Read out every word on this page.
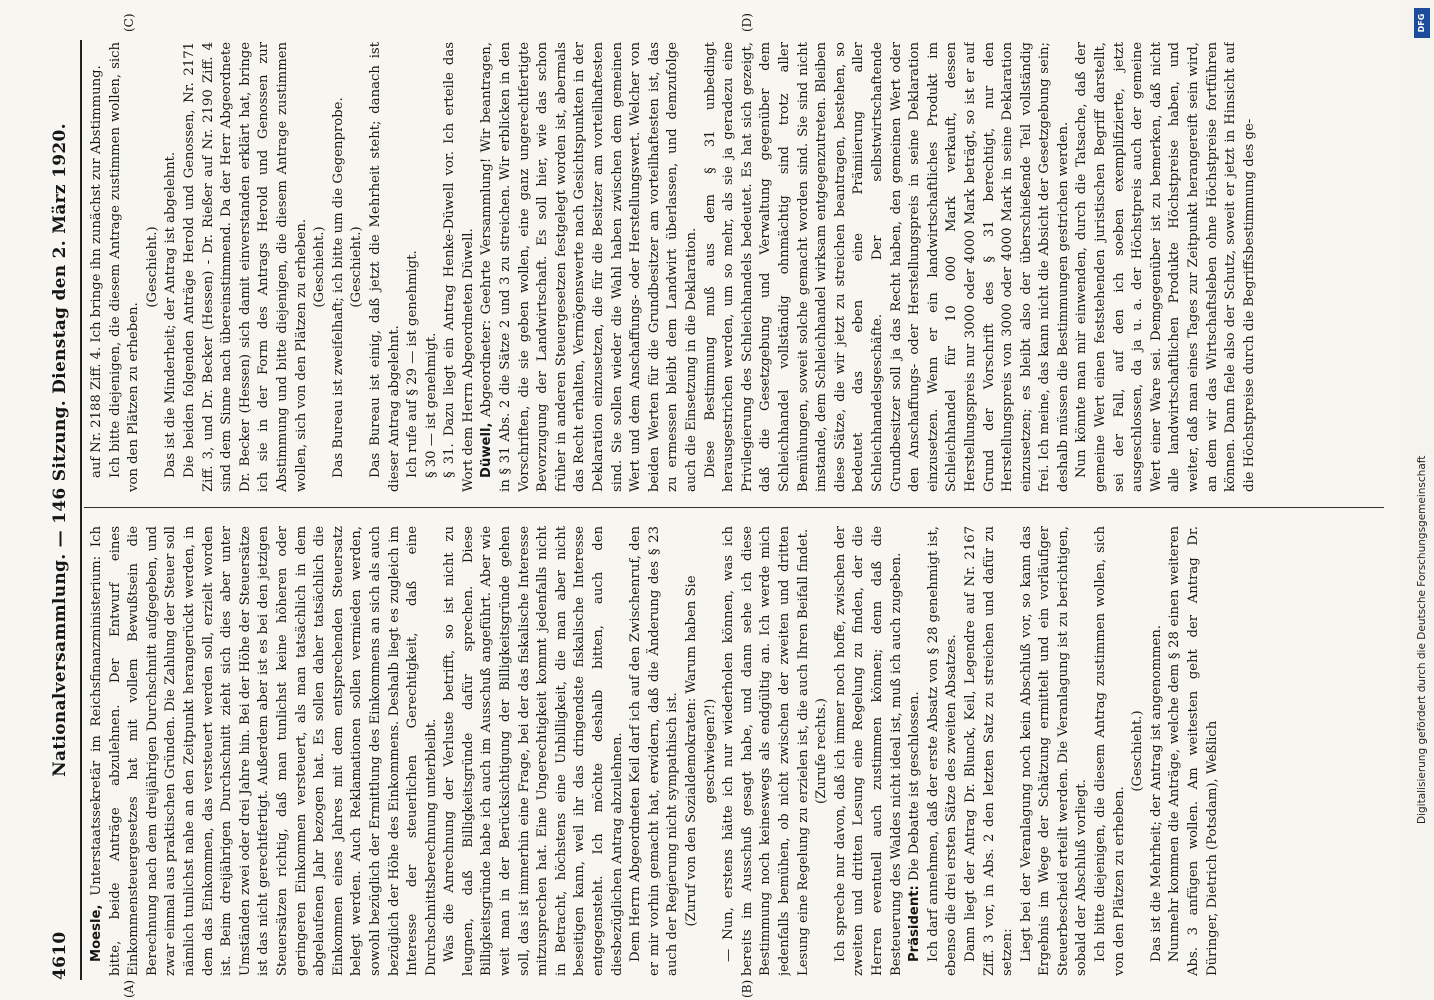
DFG
Digitalisierung gefördert durch die Deutsche Forschungsgemeinschaft
4610
Nationalversammlung. — 146 Sitzung. Dienstag den 2. März 1920.
(A)	(B)
(C)	(D)

Moesle, Unterstaatssekretär im Reichsfinanzministerium: Ich bitte, beide Anträge abzulehnen. Der Entwurf eines Einkommensteuergesetzes hat mit vollem Bewußtsein die Berechnung nach dem dreijährigen Durchschnitt aufgegeben, und zwar einmal aus praktischen Gründen. Die Zahlung der Steuer soll nämlich tunlichst nahe an den Zeitpunkt herangerückt werden, in dem das Einkommen, das versteuert werden soll, erzielt worden ist. Beim dreijährigen Durchschnitt zieht sich dies aber unter Umständen zwei oder drei Jahre hin. Bei der Höhe der Steuersätze ist das nicht gerechtfertigt. Außerdem aber ist es bei den jetzigen Steuersätzen richtig, daß man tunlichst keine höheren oder geringeren Einkommen versteuert, als man tatsächlich in dem abgelaufenen Jahr bezogen hat. Es sollen daher tatsächlich die Einkommen eines Jahres mit dem entsprechenden Steuersatz belegt werden. Auch Reklamationen sollen vermieden werden, sowohl bezüglich der Ermittlung des Einkommens an sich als auch bezüglich der Höhe des Einkommens. Deshalb liegt es zugleich im Interesse der steuerlichen Gerechtigkeit, daß eine Durchschnittsberechnung unterbleibt. Was die Anrechnung der Verluste betrifft, so ist nicht zu leugnen, daß Billigkeitsgründe dafür sprechen. Diese Billigkeitsgründe habe ich auch im Ausschuß angeführt. Aber wie weit man in der Berücksichtigung der Billigkeitsgründe gehen soll, das ist immerhin eine Frage, bei der das fiskalische Interesse mitzusprechen hat. Eine Ungerechtigkeit kommt jedenfalls nicht in Betracht, höchstens eine Unbilligkeit, die man aber nicht beseitigen kann, weil ihr das dringendste fiskalische Interesse entgegensteht. Ich möchte deshalb bitten, auch den diesbezüglichen Antrag abzulehnen. Dem Herrn Abgeordneten Keil darf ich auf den Zwischenruf, den er mir vorhin gemacht hat, erwidern, daß die Änderung des § 23 auch der Regierung nicht sympathisch ist. (Zuruf von den Sozialdemokraten: Warum haben Sie geschwiegen?!) — Nun, erstens hätte ich nur wiederholen können, was ich bereits im Ausschuß gesagt habe, und dann sehe ich diese Bestimmung noch keineswegs als endgültig an. Ich werde mich jedenfalls bemühen, ob nicht zwischen der zweiten und dritten Lesung eine Regelung zu erzielen ist, die auch Ihren Beifall findet. (Zurufe rechts.) Ich spreche nur davon, daß ich immer noch hoffe, zwischen der zweiten und dritten Lesung eine Regelung zu finden, der die Herren eventuell auch zustimmen können; denn daß die Besteuerung des Waldes nicht ideal ist, muß ich auch zugeben. Präsident: Die Debatte ist geschlossen. Ich darf annehmen, daß der erste Absatz von § 28 genehmigt ist, ebenso die drei ersten Sätze des zweiten Absatzes. Dann liegt der Antrag Dr. Blunck, Keil, Legendre auf Nr. 2167 Ziff. 3 vor, in Abs. 2 den letzten Satz zu streichen und dafür zu setzen: Liegt bei der Veranlagung noch kein Abschluß vor, so kann das Ergebnis im Wege der Schätzung ermittelt und ein vorläufiger Steuerbescheid erteilt werden. Die Veranlagung ist zu berichtigen, sobald der Abschluß vorliegt. Ich bitte diejenigen, die diesem Antrag zustimmen wollen, sich von den Plätzen zu erheben.

(Geschieht.) Das ist die Mehrheit; der Antrag ist angenommen. Nunmehr kommen die Anträge, welche dem § 28 einen weiteren Abs. 3 anfügen wollen. Am weitesten geht der Antrag Dr. Düringer, Dietrich (Potsdam), Weßlich

auf Nr. 2188 Ziff. 4. Ich bringe ihn zunächst zur Abstimmung. Ich bitte diejenigen, die diesem Antrage zustimmen wollen, sich von den Plätzen zu erheben.

(Geschieht.) Das ist die Minderheit; der Antrag ist abgelehnt. Die beiden folgenden Anträge Herold und Genossen, Nr. 2171 Ziff. 3, und Dr. Becker (Hessen) - Dr. Rießer auf Nr. 2190 Ziff. 4 sind dem Sinne nach übereinstimmend. Da der Herr Abgeordnete Dr. Becker (Hessen) sich damit einverstanden erklärt hat, bringe ich sie in der Form des Antrags Herold und Genossen zur Abstimmung und bitte diejenigen, die diesem Antrage zustimmen wollen, sich von den Plätzen zu erheben. (Geschieht.) Das Bureau ist zweifelhaft; ich bitte um die Gegenprobe. (Geschieht.) Das Bureau ist einig, daß jetzt die Mehrheit steht; danach ist dieser Antrag abgelehnt. Ich rufe auf § 29 — ist genehmigt. § 30 — ist genehmigt. § 31. Dazu liegt ein Antrag Henke-Düwell vor. Ich erteile das Wort dem Herrn Abgeordneten Düwell. Düwell, Abgeordneter: Geehrte Versammlung! Wir beantragen, in § 31 Abs. 2 die Sätze 2 und 3 zu streichen. Wir erblicken in den Vorschriften, die sie geben wollen, eine ganz ungerechtfertigte Bevorzugung der Landwirtschaft. Es soll hier, wie das schon früher in anderen Steuergesetzen festgelegt worden ist, abermals das Recht erhalten, Vermögenswerte nach Gesichtspunkten in der Deklaration einzusetzen, die für die Besitzer am vorteilhaftesten sind. Sie sollen wieder die Wahl haben zwischen dem gemeinen Wert und dem Anschaffungs- oder Herstellungswert. Welcher von beiden Werten für die Grundbesitzer am vorteilhaftesten ist, das zu ermessen bleibt dem Landwirt überlassen, und demzufolge auch die Einsetzung in die Deklaration. Diese Bestimmung muß aus dem § 31 unbedingt herausgestrichen werden, um so mehr, als sie ja geradezu eine Privilegierung des Schleichhandels bedeutet. Es hat sich gezeigt, daß die Gesetzgebung und Verwaltung gegenüber dem Schleichhandel vollständig ohnmächtig sind trotz aller Bemühungen, soweit solche gemacht worden sind. Sie sind nicht imstande, dem Schleichhandel wirksam entgegenzutreten. Bleiben diese Sätze, die wir jetzt zu streichen beantragen, bestehen, so bedeutet das eben eine Prämiierung aller Schleichhandelsgeschäfte. Der selbstwirtschaftende Grundbesitzer soll ja das Recht haben, den gemeinen Wert oder den Anschaffungs- oder Herstellungspreis in seine Deklaration einzusetzen. Wenn er ein landwirtschaftliches Produkt im Schleichhandel für 10 000 Mark verkauft, dessen Herstellungspreis nur 3000 oder 4000 Mark beträgt, so ist er auf Grund der Vorschrift des § 31 berechtigt, nur den Herstellungspreis von 3000 oder 4000 Mark in seine Deklaration einzusetzen; es bleibt also der überschießende Teil vollständig frei. Ich meine, das kann nicht die Absicht der Gesetzgebung sein; deshalb müssen die Bestimmungen gestrichen werden. Nun könnte man mir einwenden, durch die Tatsache, daß der gemeine Wert einen feststehenden juristischen Begriff darstellt, sei der Fall, auf den ich soeben exemplifizierte, jetzt ausgeschlossen, da ja u. a. der Höchstpreis auch der gemeine Wert einer Ware sei. Demgegenüber ist zu bemerken, daß nicht alle landwirtschaftlichen Produkte Höchstpreise haben, und weiter, daß man eines Tages zur Zeitpunkt herangereift sein wird, an dem wir das Wirtschaftsleben ohne Höchstpreise fortführen können. Dann fiele also der Schutz, soweit er jetzt in Hinsicht auf die Höchstpreise durch die Begriffsbestimmung des ge-
